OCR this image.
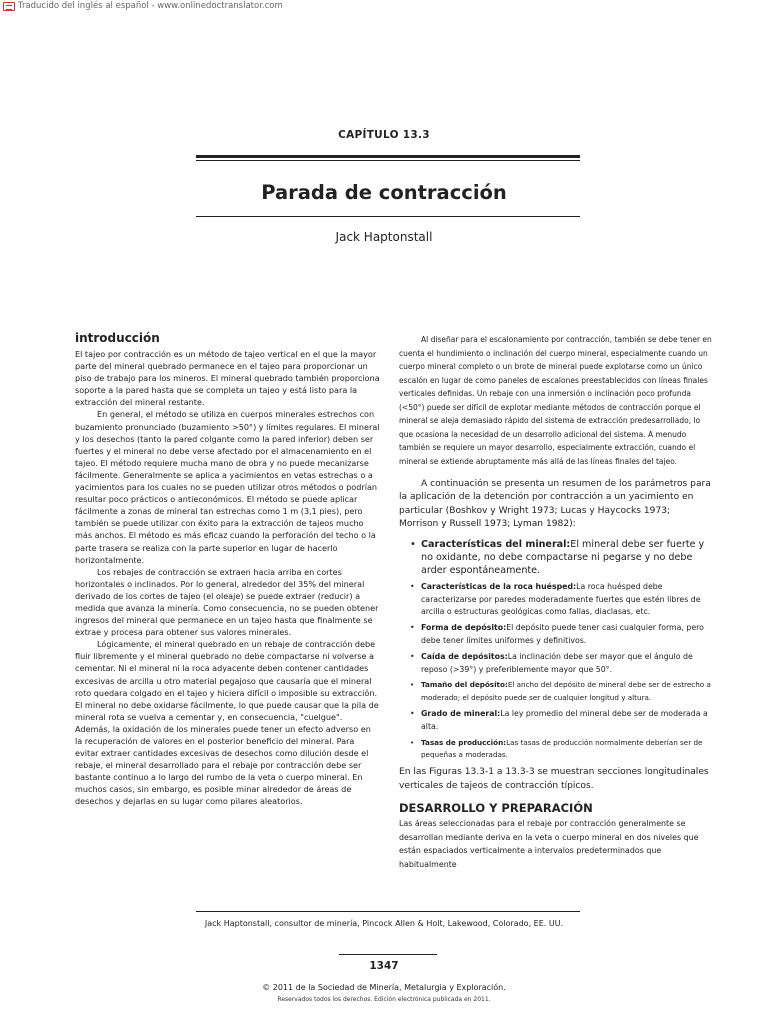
Traducido del inglés al español - www.onlinedoctranslator.com
CAPÍTULO 13.3
Parada de contracción
Jack Haptonstall
introducción

El tajeo por contracción es un método de tajeo vertical en el que la mayor parte del mineral quebrado permanece en el tajeo para proporcionar un piso de trabajo para los mineros. El mineral quebrado también proporciona soporte a la pared hasta que se completa un tajeo y está listo para la extracción del mineral restante.

En general, el método se utiliza en cuerpos minerales estrechos con buzamiento pronunciado (buzamiento >50°) y límites regulares. El mineral y los desechos (tanto la pared colgante como la pared inferior) deben ser fuertes y el mineral no debe verse afectado por el almacenamiento en el tajeo. El método requiere mucha mano de obra y no puede mecanizarse fácilmente. Generalmente se aplica a yacimientos en vetas estrechas o a yacimientos para los cuales no se pueden utilizar otros métodos o podrían resultar poco prácticos o antieconómicos. El método se puede aplicar fácilmente a zonas de mineral tan estrechas como 1 m (3,1 pies), pero también se puede utilizar con éxito para la extracción de tajeos mucho más anchos. El método es más eficaz cuando la perforación del techo o la parte trasera se realiza con la parte superior en lugar de hacerlo horizontalmente.

Los rebajes de contracción se extraen hacia arriba en cortes horizontales o inclinados. Por lo general, alrededor del 35% del mineral derivado de los cortes de tajeo (el oleaje) se puede extraer (reducir) a medida que avanza la minería. Como consecuencia, no se pueden obtener ingresos del mineral que permanece en un tajeo hasta que finalmente se extrae y procesa para obtener sus valores minerales.

Lógicamente, el mineral quebrado en un rebaje de contracción debe fluir libremente y el mineral quebrado no debe compactarse ni volverse a cementar. Ni el mineral ni la roca adyacente deben contener cantidades excesivas de arcilla u otro material pegajoso que causaría que el mineral roto quedara colgado en el tajeo y hiciera difícil o imposible su extracción. El mineral no debe oxidarse fácilmente, lo que puede causar que la pila de mineral rota se vuelva a cementar y, en consecuencia, "cuelgue". Además, la oxidación de los minerales puede tener un efecto adverso en la recuperación de valores en el posterior beneficio del mineral. Para evitar extraer cantidades excesivas de desechos como dilución desde el rebaje, el mineral desarrollado para el rebaje por contracción debe ser bastante continuo a lo largo del rumbo de la veta o cuerpo mineral. En muchos casos, sin embargo, es posible minar alrededor de áreas de desechos y dejarlas en su lugar como pilares aleatorios.

Al diseñar para el escalonamiento por contracción, también se debe tener en cuenta el hundimiento o inclinación del cuerpo mineral, especialmente cuando un cuerpo mineral completo o un brote de mineral puede explotarse como un único escalón en lugar de como paneles de escalones preestablecidos con líneas finales verticales definidas. Un rebaje con una inmersión o inclinación poco profunda (<50°) puede ser difícil de explotar mediante métodos de contracción porque el mineral se aleja demasiado rápido del sistema de extracción predesarrollado, lo que ocasiona la necesidad de un desarrollo adicional del sistema. A menudo también se requiere un mayor desarrollo, especialmente extracción, cuando el mineral se extiende abruptamente más allá de las líneas finales del tajeo.

A continuación se presenta un resumen de los parámetros para la aplicación de la detención por contracción a un yacimiento en particular (Boshkov y Wright 1973; Lucas y Haycocks 1973; Morrison y Russell 1973; Lyman 1982):

• Características del mineral:El mineral debe ser fuerte y no oxidante, no debe compactarse ni pegarse y no debe arder espontáneamente.
• Características de la roca huésped:La roca huésped debe caracterizarse por paredes moderadamente fuertes que estén libres de arcilla o estructuras geológicas como fallas, diaclasas, etc.
• Forma de depósito:El depósito puede tener casi cualquier forma, pero debe tener límites uniformes y definitivos.
• Caída de depósitos:La inclinación debe ser mayor que el ángulo de reposo (>39°) y preferiblemente mayor que 50°.
• Tamaño del depósito:El ancho del depósito de mineral debe ser de estrecho a moderado; el depósito puede ser de cualquier longitud y altura.
• Grado de mineral:La ley promedio del mineral debe ser de moderada a alta.
• Tasas de producción:Las tasas de producción normalmente deberían ser de pequeñas a moderadas.

En las Figuras 13.3-1 a 13.3-3 se muestran secciones longitudinales verticales de tajeos de contracción típicos.

DESARROLLO Y PREPARACIÓN

Las áreas seleccionadas para el rebaje por contracción generalmente se desarrollan mediante deriva en la veta o cuerpo mineral en dos niveles que están espaciados verticalmente a intervalos predeterminados que habitualmente

Jack Haptonstall, consultor de minería, Pincock Allen & Holt, Lakewood, Colorado, EE. UU.
1347
© 2011 de la Sociedad de Minería, Metalurgia y Exploración.
Reservados todos los derechos. Edición electrónica publicada en 2011.
